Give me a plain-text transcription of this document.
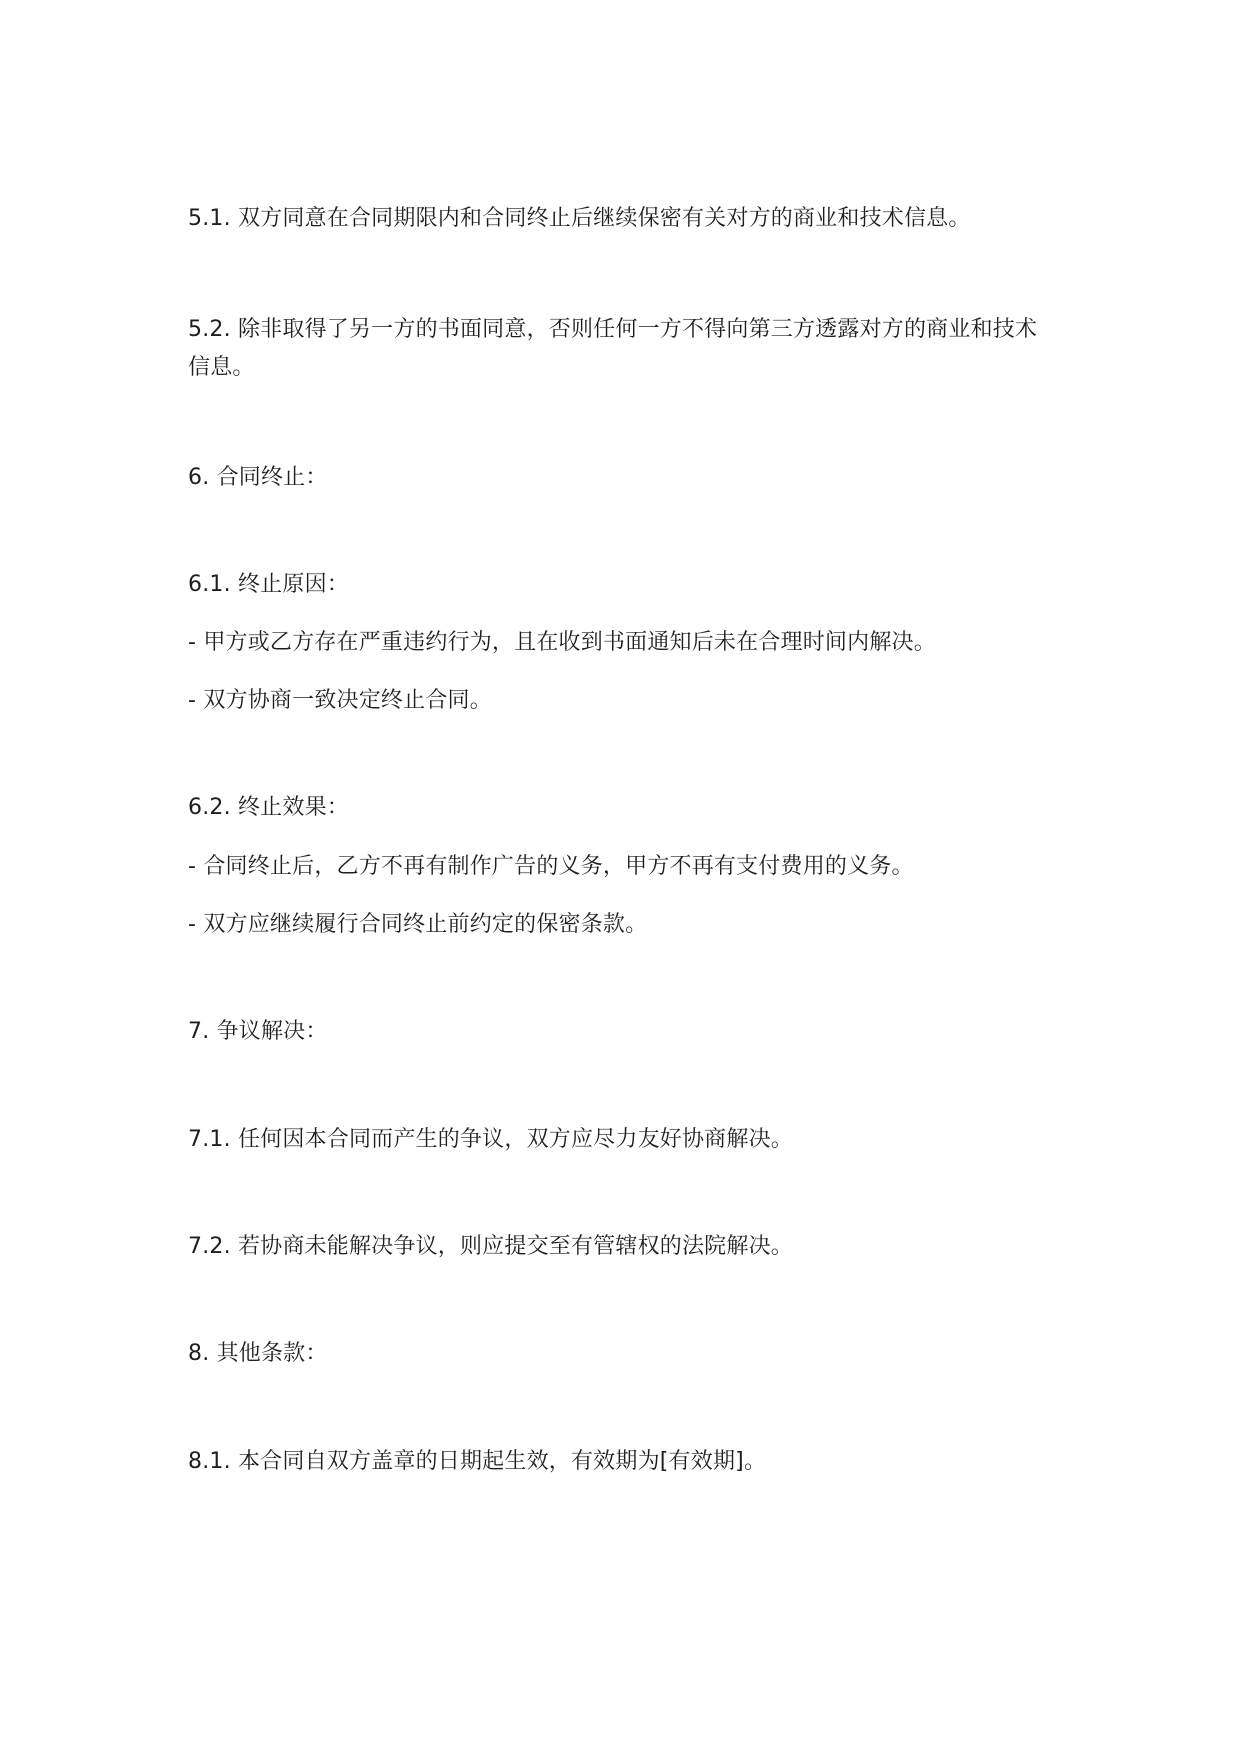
5.1. 双方同意在合同期限内和合同终止后继续保密有关对方的商业和技术信息。
5.2. 除非取得了另一方的书面同意，否则任何一方不得向第三方透露对方的商业和技术信息。
6. 合同终止：
6.1. 终止原因：
- 甲方或乙方存在严重违约行为，且在收到书面通知后未在合理时间内解决。
- 双方协商一致决定终止合同。
6.2. 终止效果：
- 合同终止后，乙方不再有制作广告的义务，甲方不再有支付费用的义务。
- 双方应继续履行合同终止前约定的保密条款。
7. 争议解决：
7.1. 任何因本合同而产生的争议，双方应尽力友好协商解决。
7.2. 若协商未能解决争议，则应提交至有管辖权的法院解决。
8. 其他条款：
8.1. 本合同自双方盖章的日期起生效，有效期为[有效期]。
